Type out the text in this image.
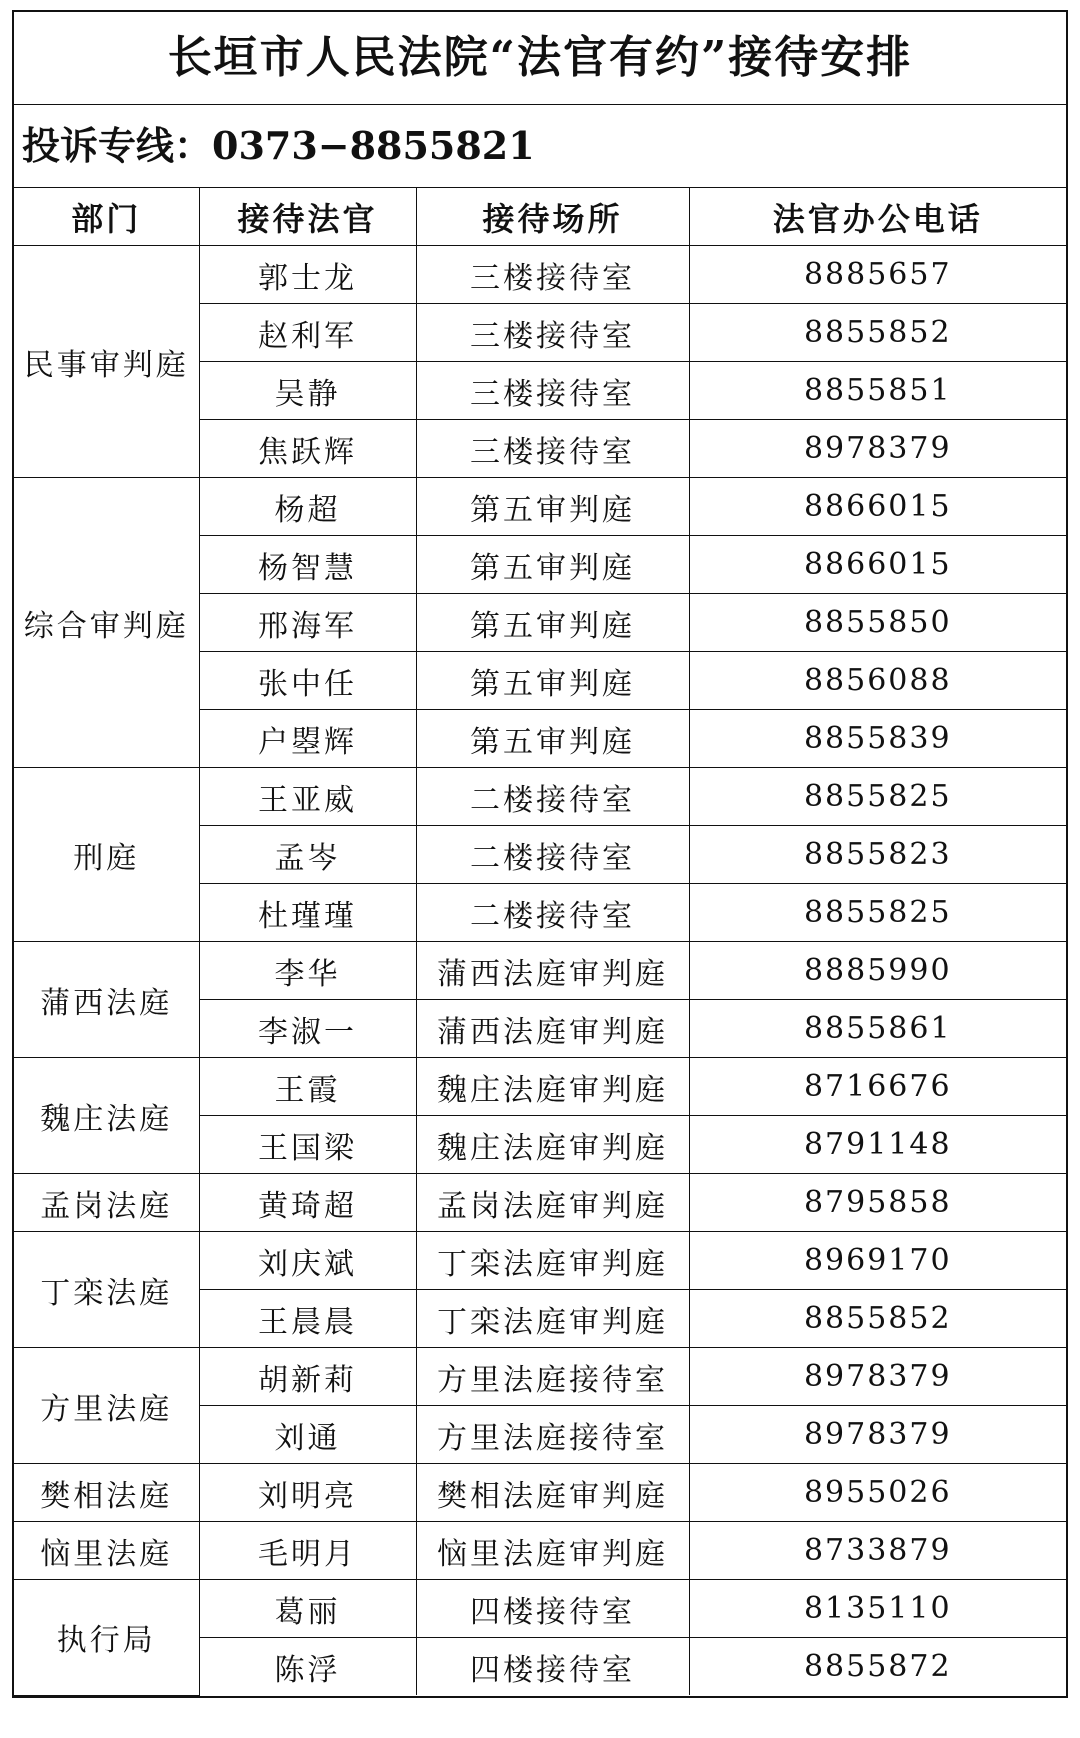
长垣市人民法院“法官有约”接待安排
投诉专线：0373−8855821
部门	接待法官	接待场所	法官办公电话
民事审判庭	郭士龙	三楼接待室	8885657
	赵利军	三楼接待室	8855852
	吴静	三楼接待室	8855851
	焦跃辉	三楼接待室	8978379
综合审判庭	杨超	第五审判庭	8866015
	杨智慧	第五审判庭	8866015
	邢海军	第五审判庭	8855850
	张中任	第五审判庭	8856088
	户曌辉	第五审判庭	8855839
刑庭	王亚威	二楼接待室	8855825
	孟岑	二楼接待室	8855823
	杜瑾瑾	二楼接待室	8855825
蒲西法庭	李华	蒲西法庭审判庭	8885990
	李淑一	蒲西法庭审判庭	8855861
魏庄法庭	王霞	魏庄法庭审判庭	8716676
	王国梁	魏庄法庭审判庭	8791148
孟岗法庭	黄琦超	孟岗法庭审判庭	8795858
丁栾法庭	刘庆斌	丁栾法庭审判庭	8969170
	王晨晨	丁栾法庭审判庭	8855852
方里法庭	胡新莉	方里法庭接待室	8978379
	刘通	方里法庭接待室	8978379
樊相法庭	刘明亮	樊相法庭审判庭	8955026
恼里法庭	毛明月	恼里法庭审判庭	8733879
执行局	葛丽	四楼接待室	8135110
	陈浮	四楼接待室	8855872
